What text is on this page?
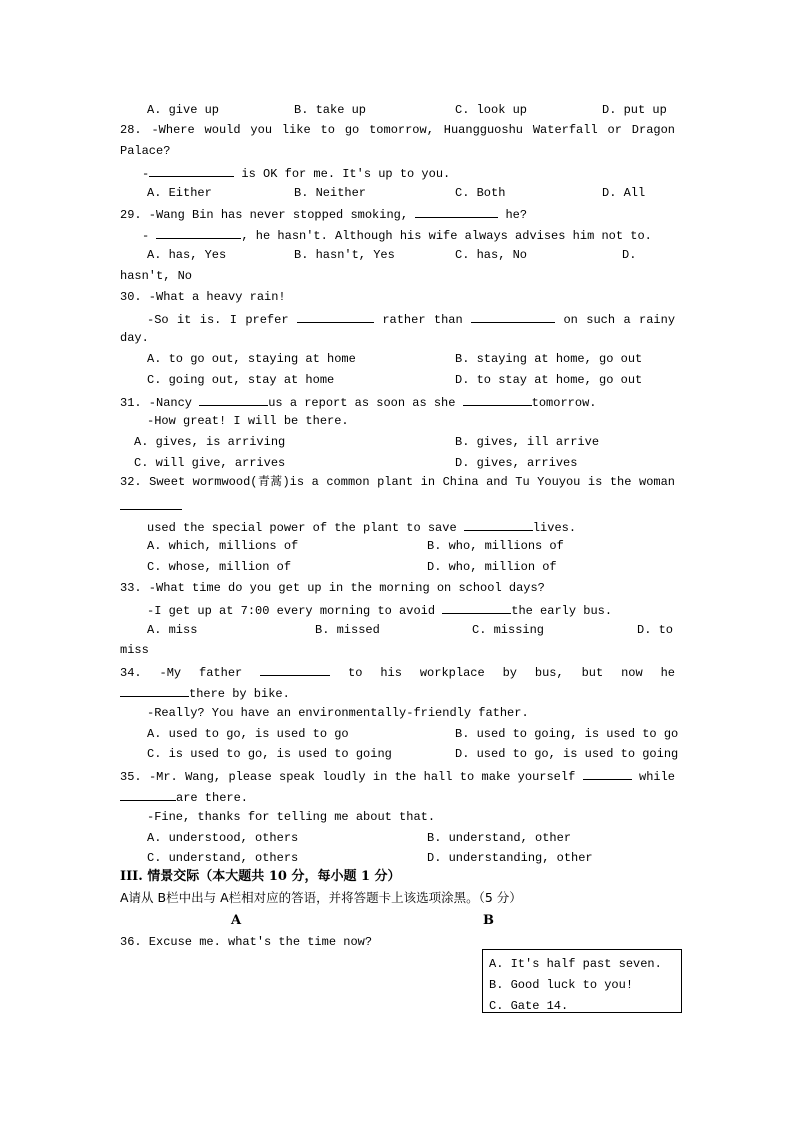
A. give up	B. take up	C. look up	D. put up
28. -Where would you like to go tomorrow, Huangguoshu Waterfall or Dragon
Palace?
-	is OK for me. It's up to you.
A. Either	B. Neither	C. Both	D. All
29. -Wang Bin has never stopped smoking,	he?
-	, he hasn't. Although his wife always advises him not to.
A. has, Yes	B. hasn't, Yes	C. has, No	D.
hasn't, No
30. -What a heavy rain!
-So it is. I prefer	rather than	on such a rainy
day.
A. to go out, staying at home	B. staying at home, go out
C. going out, stay at home	D. to stay at home, go out
31. -Nancy	us a report as soon as she	tomorrow.
-How great! I will be there.
A. gives, is arriving	B. gives, ill arrive
C. will give, arrives	D. gives, arrives
32. Sweet wormwood(青蒿)is a common plant in China and Tu Youyou is the woman
used the special power of the plant to save	lives.
A. which, millions of	B. who, millions of
C. whose, million of	D. who, million of
33. -What time do you get up in the morning on school days?
-I get up at 7:00 every morning to avoid	the early bus.
A. miss	B. missed	C. missing	D. to
miss
34. -My father	to his workplace by bus, but now he
there by bike.
-Really? You have an environmentally-friendly father.
A. used to go, is used to go	B. used to going, is used to go
C. is used to go, is used to going	D. used to go, is used to going
35. -Mr. Wang, please speak loudly in the hall to make yourself	while
are there.
-Fine, thanks for telling me about that.
A. understood, others	B. understand, other
C. understand, others	D. understanding, other
III. 情景交际（本大题共 10 分，每小题 1 分）
A请从 B栏中出与 A栏相对应的答语，并将答题卡上该选项涂黑。（5 分）
A	B
36. Excuse me. what's the time now?
A. It's half past seven.
B. Good luck to you!
C. Gate 14.
